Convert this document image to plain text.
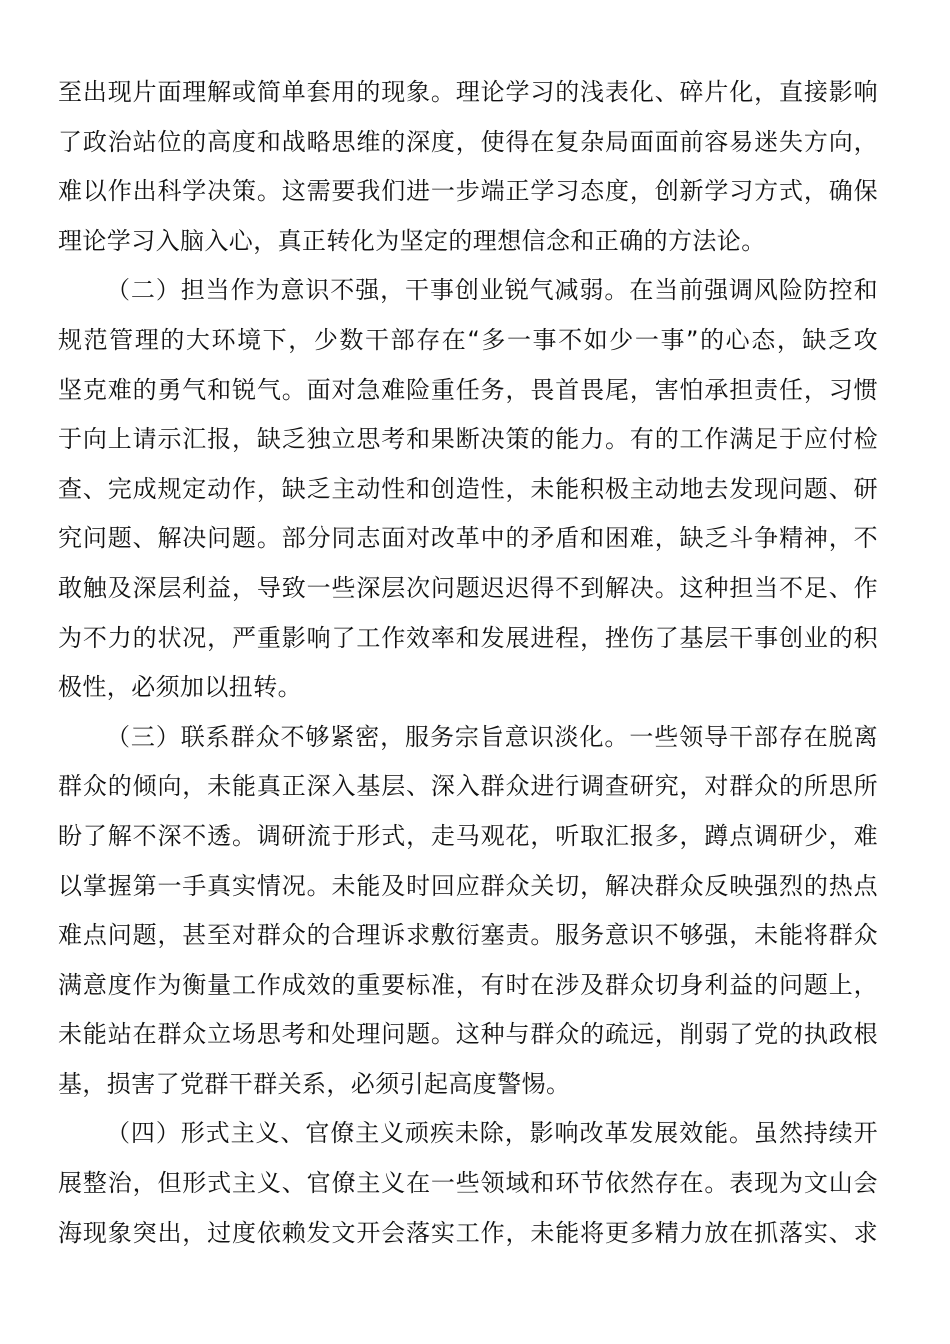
至出现片面理解或简单套用的现象。理论学习的浅表化、碎片化，直接影响
了政治站位的高度和战略思维的深度，使得在复杂局面面前容易迷失方向，
难以作出科学决策。这需要我们进一步端正学习态度，创新学习方式，确保
理论学习入脑入心，真正转化为坚定的理想信念和正确的方法论。
（二）担当作为意识不强，干事创业锐气减弱。在当前强调风险防控和
规范管理的大环境下，少数干部存在“多一事不如少一事”的心态，缺乏攻
坚克难的勇气和锐气。面对急难险重任务，畏首畏尾，害怕承担责任，习惯
于向上请示汇报，缺乏独立思考和果断决策的能力。有的工作满足于应付检
查、完成规定动作，缺乏主动性和创造性，未能积极主动地去发现问题、研
究问题、解决问题。部分同志面对改革中的矛盾和困难，缺乏斗争精神，不
敢触及深层利益，导致一些深层次问题迟迟得不到解决。这种担当不足、作
为不力的状况，严重影响了工作效率和发展进程，挫伤了基层干事创业的积
极性，必须加以扭转。
（三）联系群众不够紧密，服务宗旨意识淡化。一些领导干部存在脱离
群众的倾向，未能真正深入基层、深入群众进行调查研究，对群众的所思所
盼了解不深不透。调研流于形式，走马观花，听取汇报多，蹲点调研少，难
以掌握第一手真实情况。未能及时回应群众关切，解决群众反映强烈的热点
难点问题，甚至对群众的合理诉求敷衍塞责。服务意识不够强，未能将群众
满意度作为衡量工作成效的重要标准，有时在涉及群众切身利益的问题上，
未能站在群众立场思考和处理问题。这种与群众的疏远，削弱了党的执政根
基，损害了党群干群关系，必须引起高度警惕。
（四）形式主义、官僚主义顽疾未除，影响改革发展效能。虽然持续开
展整治，但形式主义、官僚主义在一些领域和环节依然存在。表现为文山会
海现象突出，过度依赖发文开会落实工作，未能将更多精力放在抓落实、求
